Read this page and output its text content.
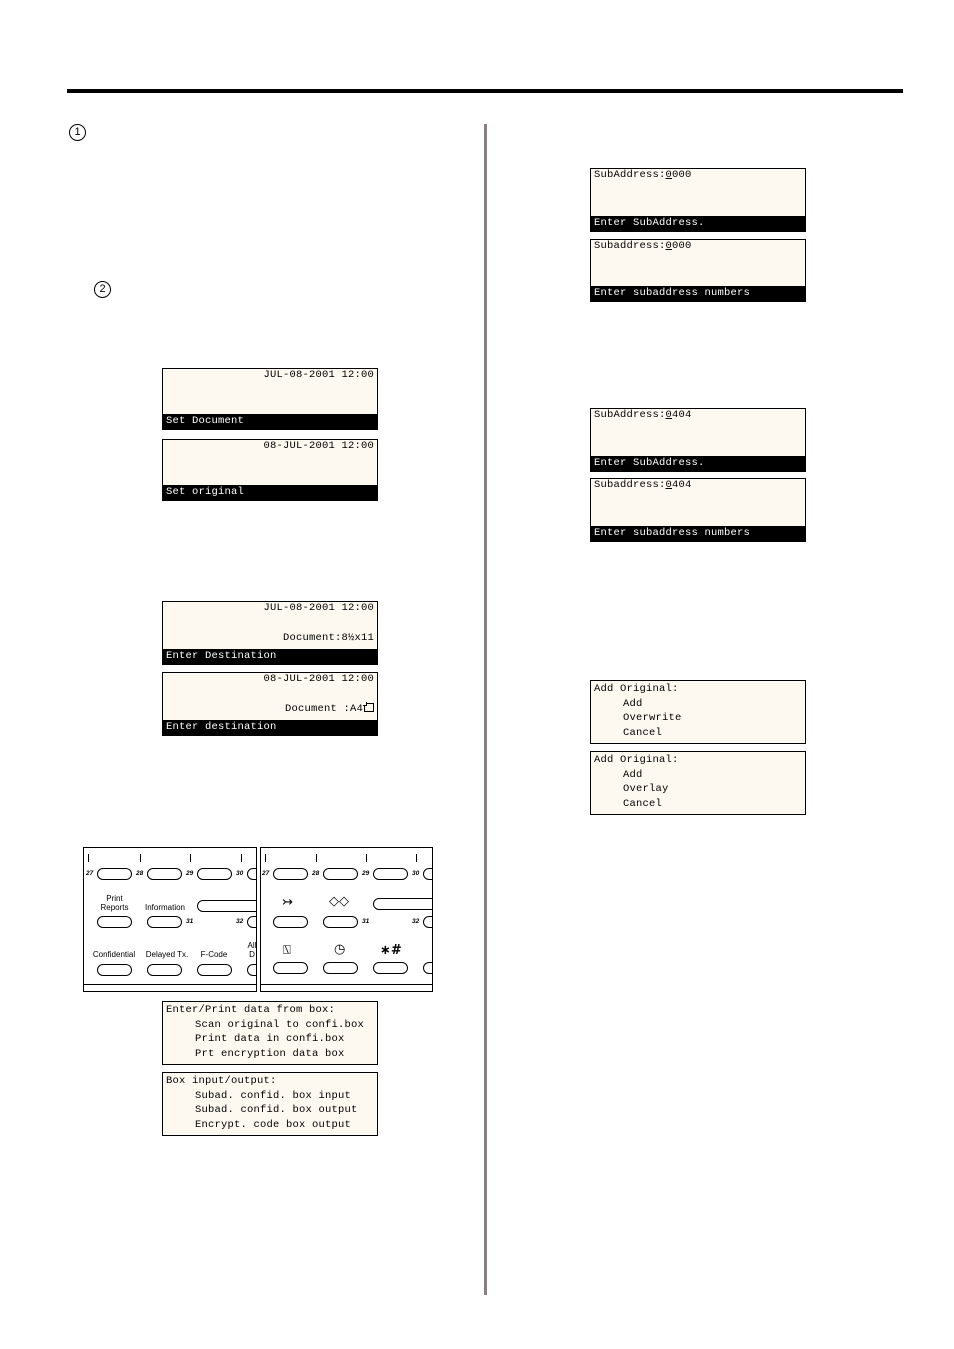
1
2
JUL-08-2001 12:00
Set Document
08-JUL-2001 12:00
Set original
JUL-08-2001 12:00
Document:8½x11
Enter Destination
08-JUL-2001 12:00
Document :A4
Enter destination
27	28	29	30
Print
Reports	Information
31	32
Confidential	Delayed Tx.	F-Code
All
D
27	28	29	30
↣	◇◇
31	32
⍂	◷	∗#
Enter/Print data from box:
Scan original to confi.box
Print data in confi.box
Prt encryption data box
Box input/output:
Subad. confid. box input
Subad. confid. box output
Encrypt. code box output
SubAddress:0000
Enter SubAddress.
Subaddress:0000
Enter subaddress numbers
SubAddress:0404
Enter SubAddress.
Subaddress:0404
Enter subaddress numbers
Add Original:
Add
Overwrite
Cancel
Add Original:
Add
Overlay
Cancel
